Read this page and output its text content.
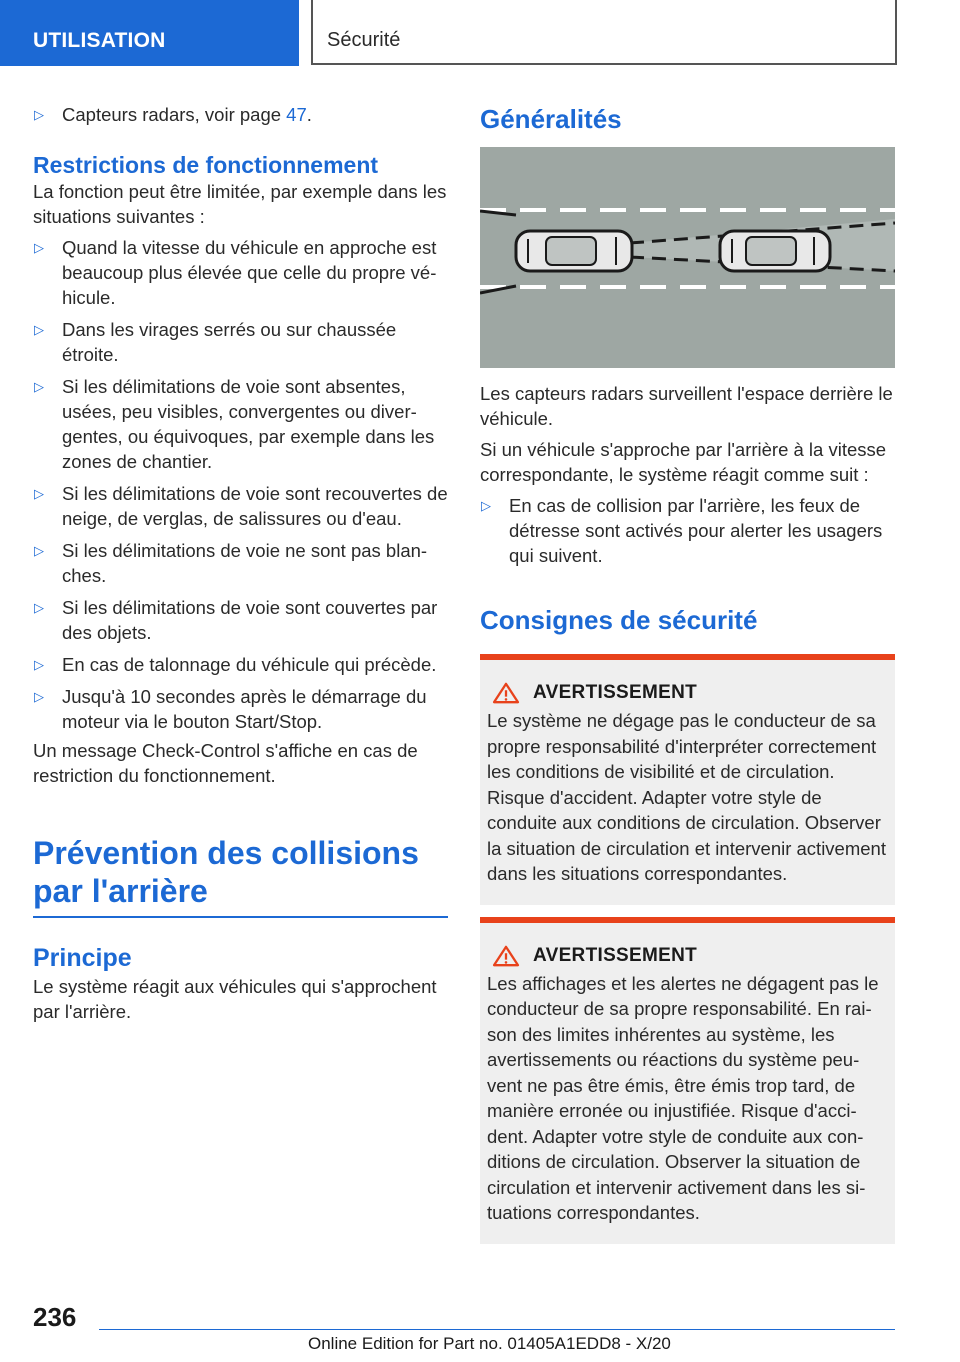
UTILISATION	Sécurité
▷ Capteurs radars, voir page 47.
Restrictions de fonctionnement

La fonction peut être limitée, par exemple dans les situations suivantes :

▷ Quand la vitesse du véhicule en approche est beaucoup plus élevée que celle du propre véhicule.
▷ Dans les virages serrés ou sur chaussée étroite.
▷ Si les délimitations de voie sont absentes, usées, peu visibles, convergentes ou divergentes, ou équivoques, par exemple dans les zones de chantier.
▷ Si les délimitations de voie sont recouvertes de neige, de verglas, de salissures ou d'eau.
▷ Si les délimitations de voie ne sont pas blanches.
▷ Si les délimitations de voie sont couvertes par des objets.
▷ En cas de talonnage du véhicule qui précède.
▷ Jusqu'à 10 secondes après le démarrage du moteur via le bouton Start/Stop.

Un message Check-Control s'affiche en cas de restriction du fonctionnement.

Prévention des collisions
par l'arrière
Principe

Le système réagit aux véhicules qui s'approchent par l'arrière.

Généralités

Les capteurs radars surveillent l'espace derrière le véhicule.

Si un véhicule s'approche par l'arrière à la vitesse correspondante, le système réagit comme suit :

▷ En cas de collision par l'arrière, les feux de détresse sont activés pour alerter les usagers qui suivent.
Consignes de sécurité
AVERTISSEMENT

Le système ne dégage pas le conducteur de sa propre responsabilité d'interpréter correctement les conditions de visibilité et de circulation. Risque d'accident. Adapter votre style de conduite aux conditions de circulation. Observer la situation de circulation et intervenir activement dans les situations correspondantes.

AVERTISSEMENT

Les affichages et les alertes ne dégagent pas le conducteur de sa propre responsabilité. En raison des limites inhérentes au système, les avertissements ou réactions du système peuvent ne pas être émis, être émis trop tard, de manière erronée ou injustifiée. Risque d'accident. Adapter votre style de conduite aux conditions de circulation. Observer la situation de circulation et intervenir activement dans les situations correspondantes.

236
Online Edition for Part no. 01405A1EDD8 - X/20
